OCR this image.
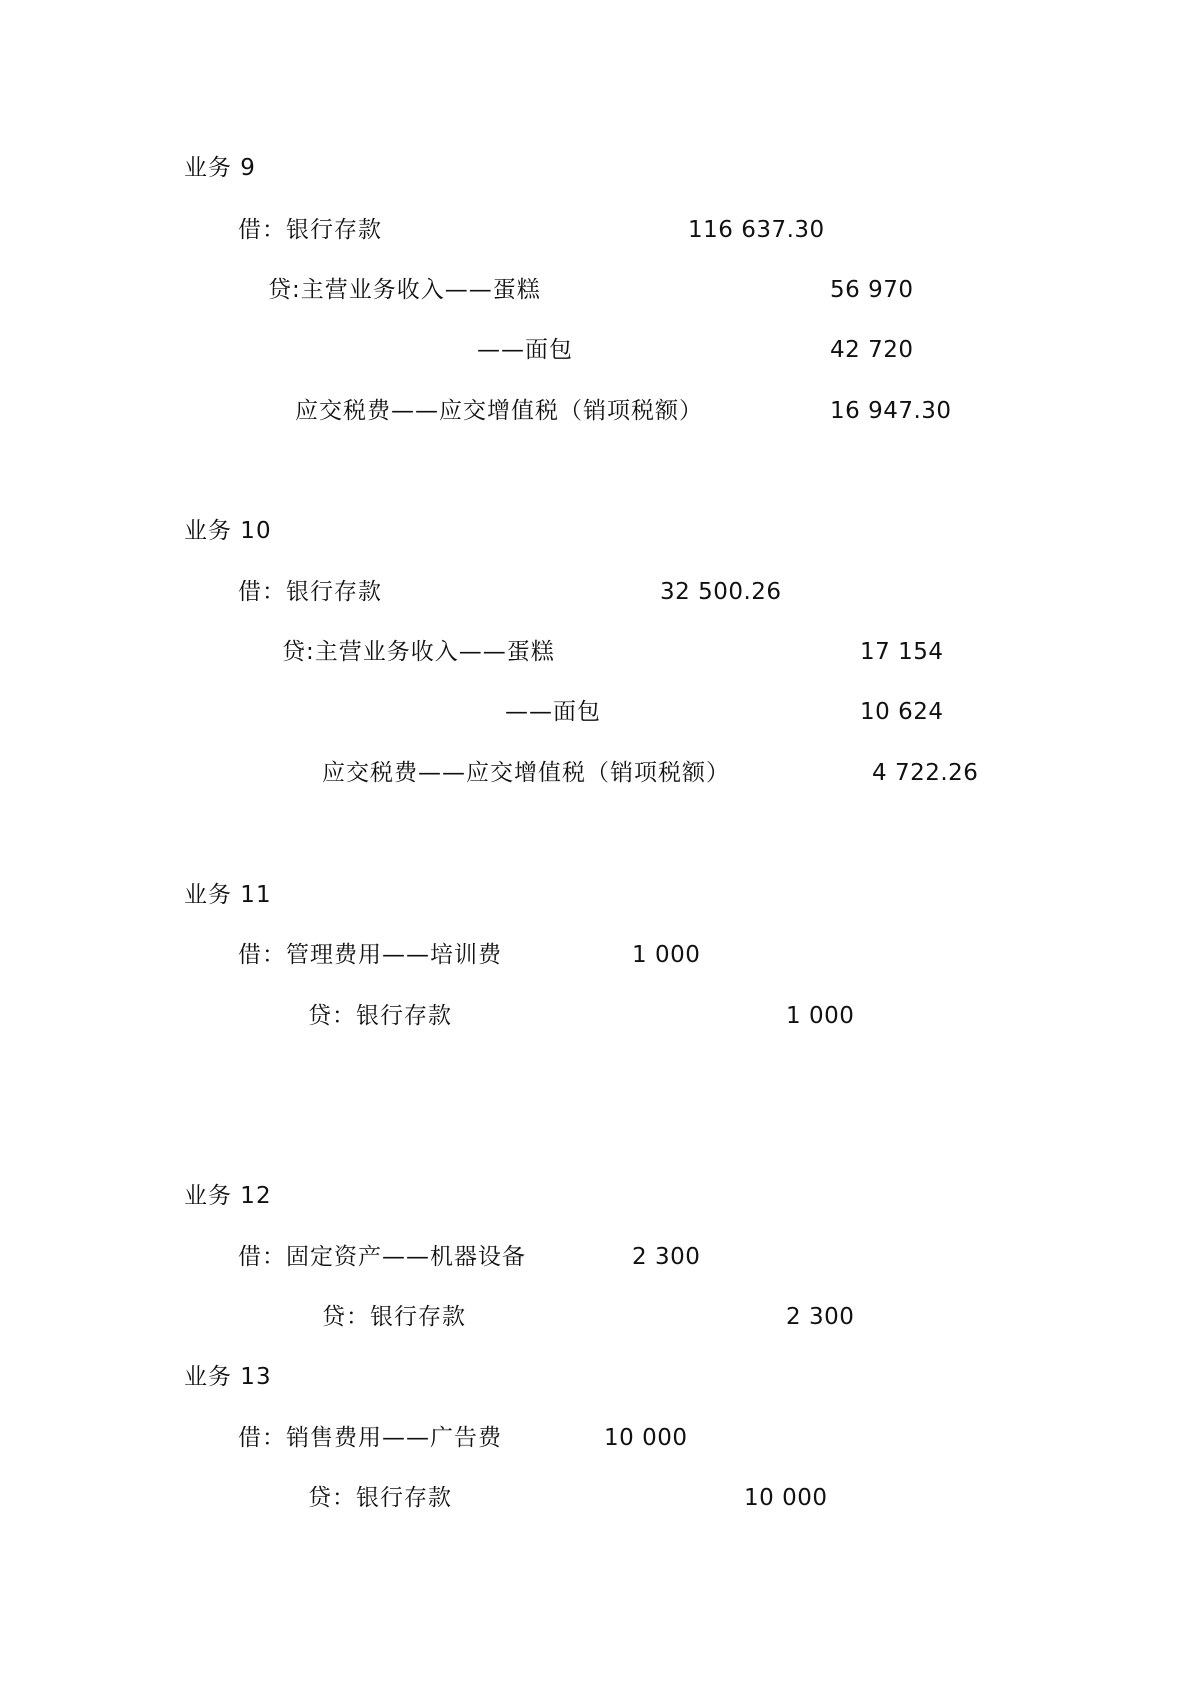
业务 9
借：银行存款	116 637.30
贷:主营业务收入——蛋糕	56 970
——面包	42 720
应交税费——应交增值税（销项税额）	16 947.30
业务 10
借：银行存款	32 500.26
贷:主营业务收入——蛋糕	17 154
——面包	10 624
应交税费——应交增值税（销项税额）	4 722.26
业务 11
借：管理费用——培训费	1 000
贷：银行存款	1 000
业务 12
借：固定资产——机器设备	2 300
贷：银行存款	2 300
业务 13
借：销售费用——广告费	10 000
贷：银行存款	10 000
